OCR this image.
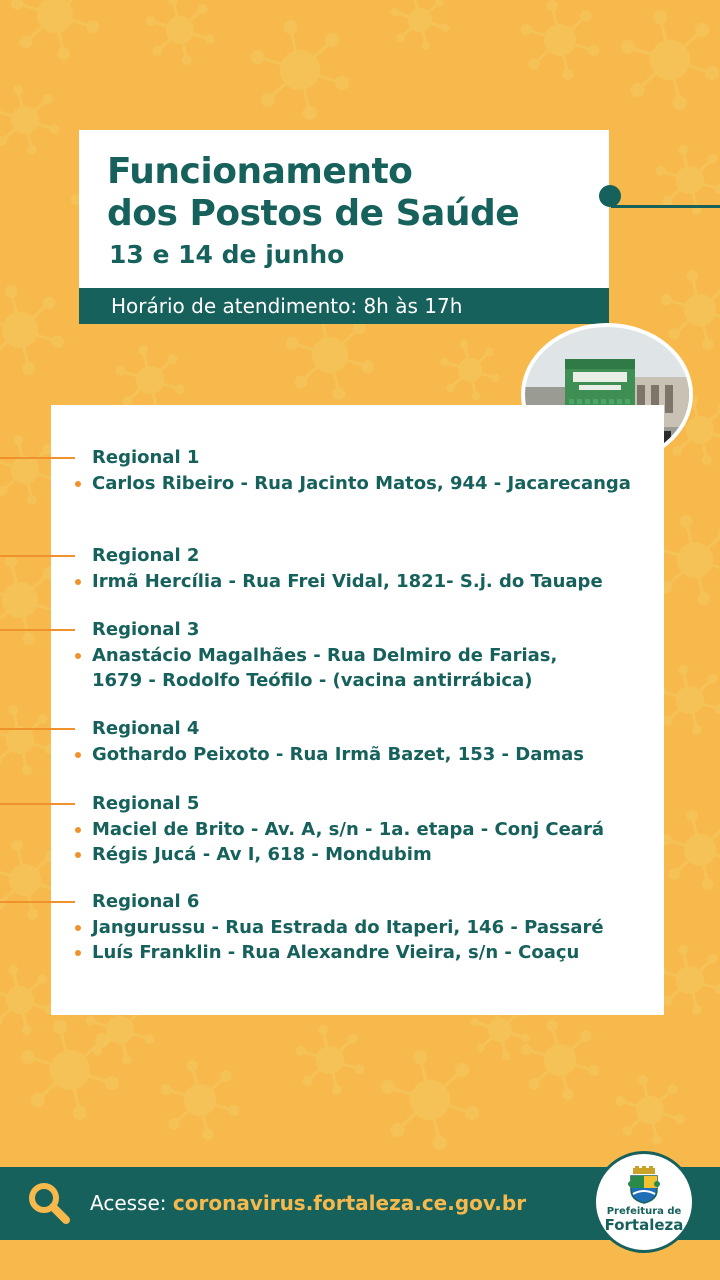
Funcionamento
dos Postos de Saúde
13 e 14 de junho
Horário de atendimento: 8h às 17h
Regional 1
Carlos Ribeiro - Rua Jacinto Matos, 944 - Jacarecanga
Regional 2
Irmã Hercília - Rua Frei Vidal, 1821- S.j. do Tauape
Regional 3
Anastácio Magalhães - Rua Delmiro de Farias, 1679 - Rodolfo Teófilo - (vacina antirrábica)
Regional 4
Gothardo Peixoto - Rua Irmã Bazet, 153 - Damas
Regional 5
Maciel de Brito - Av. A, s/n - 1a. etapa - Conj Ceará
Régis Jucá - Av I, 618 - Mondubim
Regional 6
Jangurussu - Rua Estrada do Itaperi, 146 - Passaré
Luís Franklin - Rua Alexandre Vieira, s/n - Coaçu
Acesse: coronavirus.fortaleza.ce.gov.br	Prefeitura de
Fortaleza
